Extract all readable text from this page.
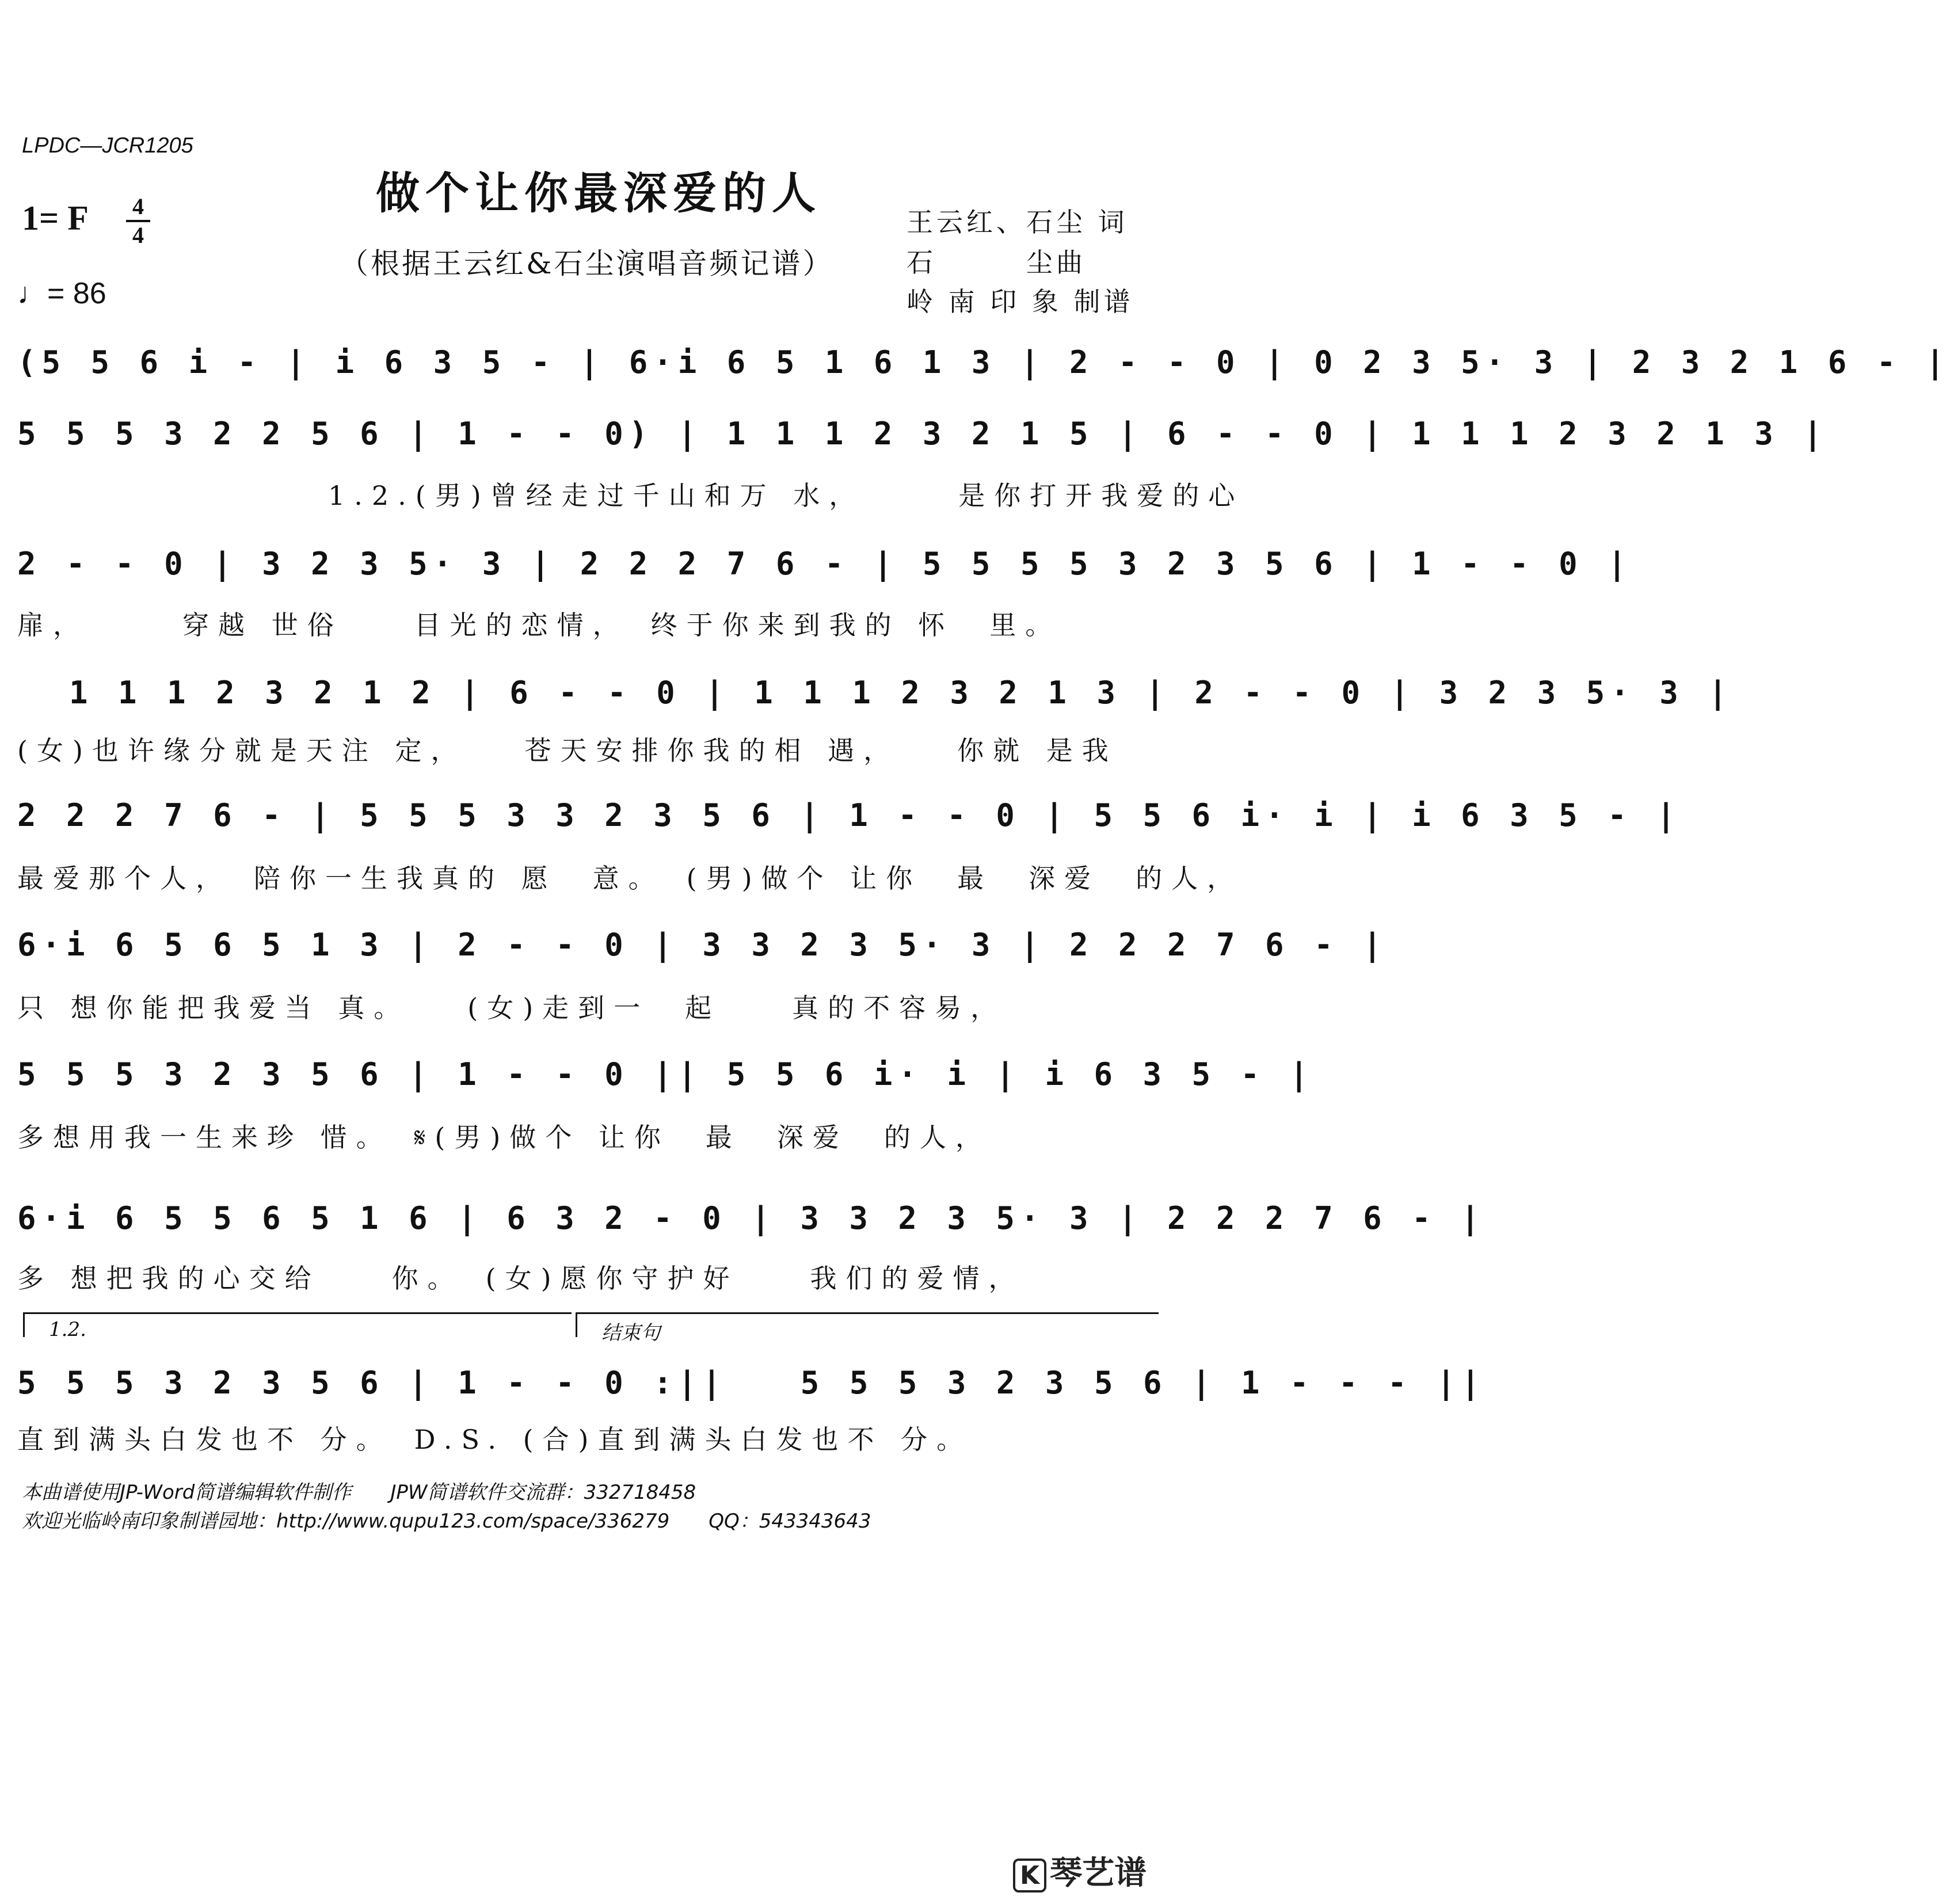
LPDC—JCR1205
做个让你最深爱的人
1= F	4
4
（根据王云红&石尘演唱音频记谱）
♩= 86
王云红、石尘 词
石　　　尘曲
岭 南 印 象 制谱
(5 5 6 i - | i 6 3 5 - | 6·i 6 5 1 6 1 3 | 2 - - 0 | 0 2 3 5· 3 | 2 3 2 1 6 - |
5 5 5 3 2 2 5 6 | 1 - - 0) | 1 1 1 2 3 2 1 5 | 6 - - 0 | 1 1 1 2 3 2 1 3 |
1.2.(男)曾经走过千山和万 水，　　　是你打开我爱的心
2 - - 0 | 3 2 3 5· 3 | 2 2 2 7 6 - | 5 5 5 5 3 2 3 5 6 | 1 - - 0 |
扉，　　　穿越 世俗　　目光的恋情，　终于你来到我的 怀　里。
1 1 1 2 3 2 1 2 | 6 - - 0 | 1 1 1 2 3 2 1 3 | 2 - - 0 | 3 2 3 5· 3 |
(女)也许缘分就是天注 定，　　苍天安排你我的相 遇，　　你就 是我
2 2 2 7 6 - | 5 5 5 3 3 2 3 5 6 | 1 - - 0 | 5 5 6 i· i | i 6 3 5 - |
最爱那个人，　陪你一生我真的 愿　意。　(男)做个 让你　最　深爱　的人，
6·i 6 5 6 5 1 3 | 2 - - 0 | 3 3 2 3 5· 3 | 2 2 2 7 6 - |
只 想你能把我爱当 真。　　(女)走到一　起　　真的不容易，
5 5 5 3 2 3 5 6 | 1 - - 0 || 5 5 6 i· i | i 6 3 5 - |
多想用我一生来珍 惜。　𝄋(男)做个 让你　最　深爱　的人，
6·i 6 5 5 6 5 1 6 | 6 3 2 - 0 | 3 3 2 3 5· 3 | 2 2 2 7 6 - |
多 想把我的心交给　　你。　(女)愿你守护好　　我们的爱情，
1.2.	结束句
5 5 5 3 2 3 5 6 | 1 - - 0 :||　　5 5 5 3 2 3 5 6 | 1 - - - ||
直到满头白发也不 分。　D.S. (合)直到满头白发也不 分。
本曲谱使用JP-Word简谱编辑软件制作　　JPW简谱软件交流群：332718458
欢迎光临岭南印象制谱园地：http://www.qupu123.com/space/336279　　QQ：543343643
K 琴艺谱
